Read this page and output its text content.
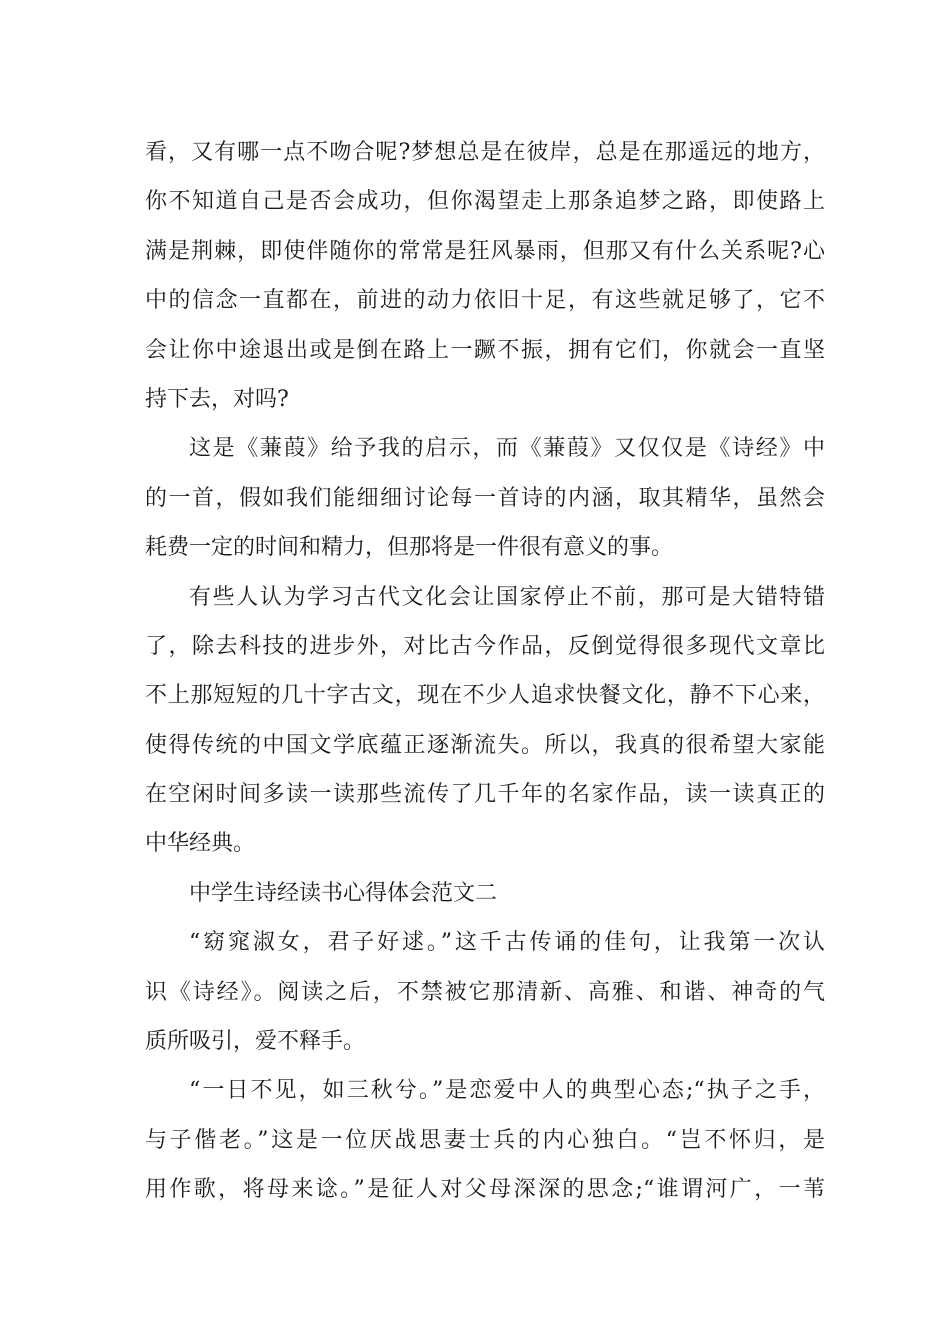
看，又有哪一点不吻合呢?梦想总是在彼岸，总是在那遥远的地方，
你不知道自己是否会成功，但你渴望走上那条追梦之路，即使路上
满是荆棘，即使伴随你的常常是狂风暴雨，但那又有什么关系呢?心
中的信念一直都在，前进的动力依旧十足，有这些就足够了，它不
会让你中途退出或是倒在路上一蹶不振，拥有它们，你就会一直坚
持下去，对吗?
这是《蒹葭》给予我的启示，而《蒹葭》又仅仅是《诗经》中
的一首，假如我们能细细讨论每一首诗的内涵，取其精华，虽然会
耗费一定的时间和精力，但那将是一件很有意义的事。
有些人认为学习古代文化会让国家停止不前，那可是大错特错
了，除去科技的进步外，对比古今作品，反倒觉得很多现代文章比
不上那短短的几十字古文，现在不少人追求快餐文化，静不下心来，
使得传统的中国文学底蕴正逐渐流失。所以，我真的很希望大家能
在空闲时间多读一读那些流传了几千年的名家作品，读一读真正的
中华经典。
中学生诗经读书心得体会范文二
“窈窕淑女，君子好逑。”这千古传诵的佳句，让我第一次认
识《诗经》。阅读之后，不禁被它那清新、高雅、和谐、神奇的气
质所吸引，爱不释手。
“一日不见，如三秋兮。”是恋爱中人的典型心态;“执子之手，
与子偕老。”这是一位厌战思妻士兵的内心独白。“岂不怀归，是
用作歌，将母来谂。”是征人对父母深深的思念;“谁谓河广，一苇
